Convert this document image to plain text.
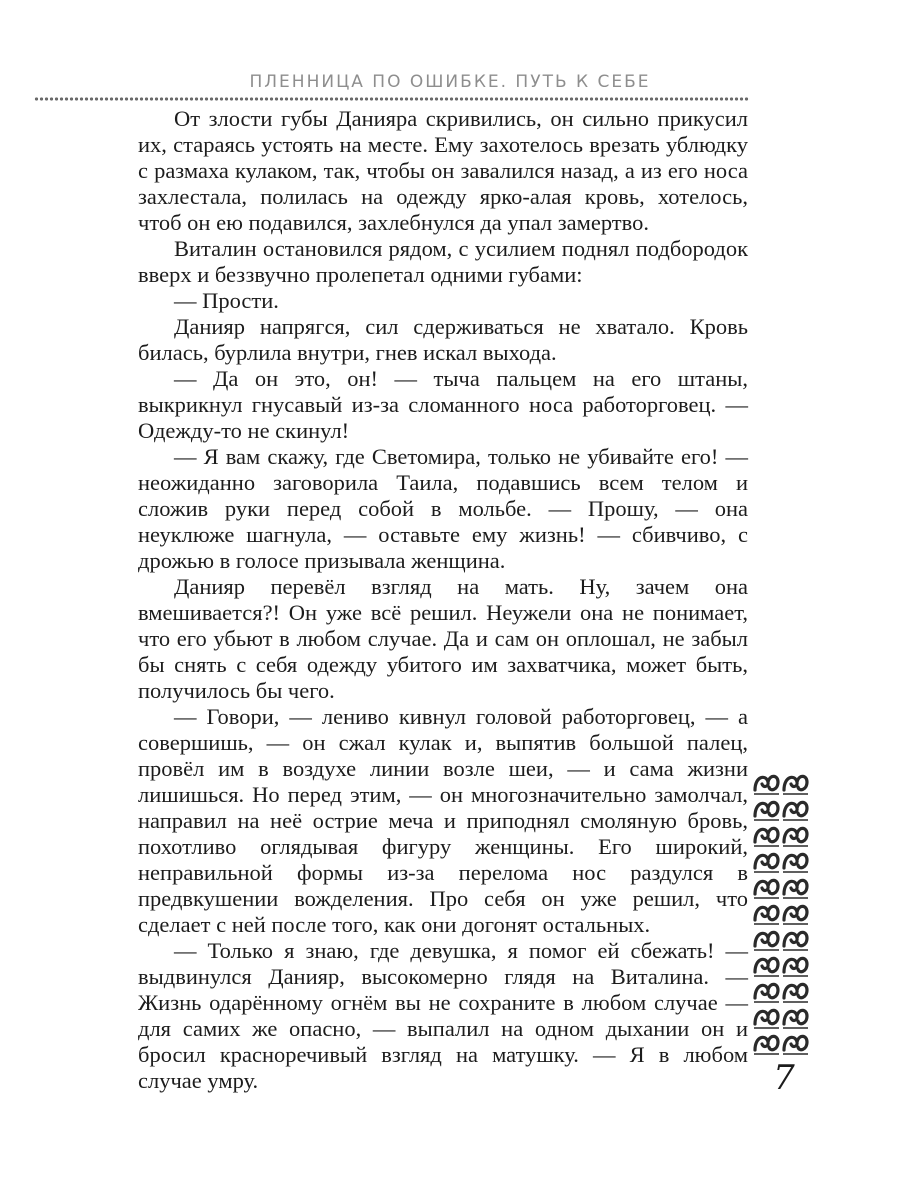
ПЛЕННИЦА ПО ОШИБКЕ. ПУТЬ К СЕБЕ

От злости губы Данияра скривились, он сильно прикусил их, стараясь устоять на месте. Ему захотелось врезать ублюдку с размаха кулаком, так, чтобы он завалился назад, а из его носа захлестала, полилась на одежду ярко-алая кровь, хотелось, чтоб он ею подавился, захлебнулся да упал замертво.

Виталин остановился рядом, с усилием поднял подбородок вверх и беззвучно пролепетал одними губами:

— Прости.

Данияр напрягся, сил сдерживаться не хватало. Кровь билась, бурлила внутри, гнев искал выхода.

— Да он это, он! — тыча пальцем на его штаны, выкрикнул гнусавый из-за сломанного носа работорговец. — Одежду-то не скинул!

— Я вам скажу, где Светомира, только не убивайте его! — неожиданно заговорила Таила, подавшись всем телом и сложив руки перед собой в мольбе. — Прошу, — она неуклюже шагнула, — оставьте ему жизнь! — сбивчиво, с дрожью в голосе призывала женщина.

Данияр перевёл взгляд на мать. Ну, зачем она вмешивается?! Он уже всё решил. Неужели она не понимает, что его убьют в любом случае. Да и сам он оплошал, не забыл бы снять с себя одежду убитого им захватчика, может быть, получилось бы чего.

— Говори, — лениво кивнул головой работорговец, — а совершишь, — он сжал кулак и, выпятив большой палец, провёл им в воздухе линии возле шеи, — и сама жизни лишишься. Но перед этим, — он многозначительно замолчал, направил на неё острие меча и приподнял смоляную бровь, похотливо оглядывая фигуру женщины. Его широкий, неправильной формы из-за перелома нос раздулся в предвкушении вожделения. Про себя он уже решил, что сделает с ней после того, как они догонят остальных.

— Только я знаю, где девушка, я помог ей сбежать! — выдвинулся Данияр, высокомерно глядя на Виталина. — Жизнь одарённому огнём вы не сохраните в любом случае — для самих же опасно, — выпалил на одном дыхании он и бросил красноречивый взгляд на матушку. — Я в любом случае умру.	7
